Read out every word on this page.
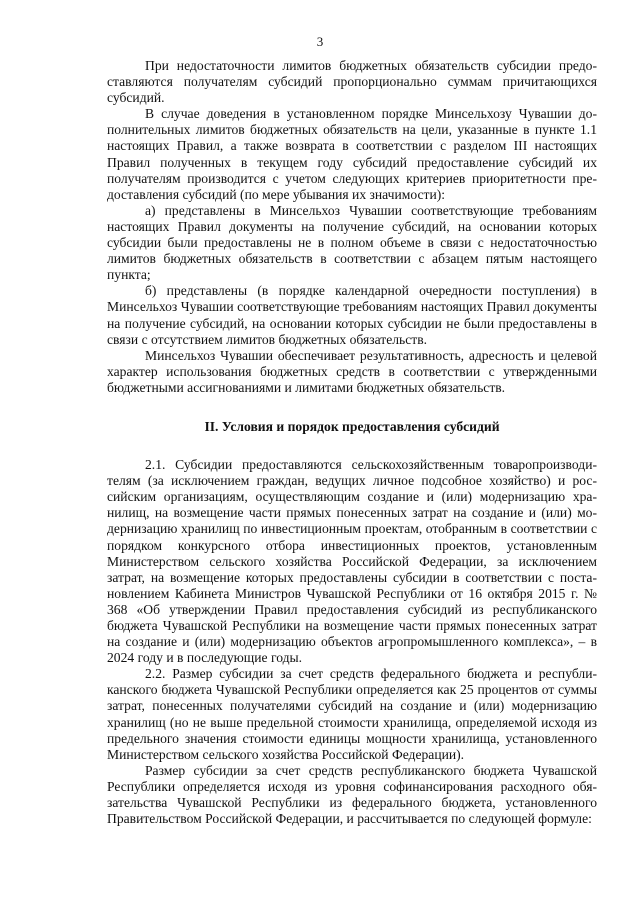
3

При недостаточности лимитов бюджетных обязательств субсидии предоставляются получателям субсидий пропорционально суммам причитающихся субсидий.

В случае доведения в установленном порядке Минсельхозу Чувашии дополнительных лимитов бюджетных обязательств на цели, указанные в пункте 1.1 настоящих Правил, а также возврата в соответствии с разделом III настоящих Правил полученных в текущем году субсидий предоставление субсидий их получателям производится с учетом следующих критериев приоритетности предоставления субсидий (по мере убывания их значимости):

а) представлены в Минсельхоз Чувашии соответствующие требованиям настоящих Правил документы на получение субсидий, на основании которых субсидии были предоставлены не в полном объеме в связи с недостаточностью лимитов бюджетных обязательств в соответствии с абзацем пятым настоящего пункта;

б) представлены (в порядке календарной очередности поступления) в Минсельхоз Чувашии соответствующие требованиям настоящих Правил документы на получение субсидий, на основании которых субсидии не были предоставлены в связи с отсутствием лимитов бюджетных обязательств.

Минсельхоз Чувашии обеспечивает результативность, адресность и целевой характер использования бюджетных средств в соответствии с утвержденными бюджетными ассигнованиями и лимитами бюджетных обязательств.

II. Условия и порядок предоставления субсидий

2.1. Субсидии предоставляются сельскохозяйственным товаропроизводителям (за исключением граждан, ведущих личное подсобное хозяйство) и российским организациям, осуществляющим создание и (или) модернизацию хранилищ, на возмещение части прямых понесенных затрат на создание и (или) модернизацию хранилищ по инвестиционным проектам, отобранным в соответствии с порядком конкурсного отбора инвестиционных проектов, установленным Министерством сельского хозяйства Российской Федерации, за исключением затрат, на возмещение которых предоставлены субсидии в соответствии с постановлением Кабинета Министров Чувашской Республики от 16 октября 2015 г. № 368 «Об утверждении Правил предоставления субсидий из республиканского бюджета Чувашской Республики на возмещение части прямых понесенных затрат на создание и (или) модернизацию объектов агропромышленного комплекса», – в 2024 году и в последующие годы.

2.2. Размер субсидии за счет средств федерального бюджета и республиканского бюджета Чувашской Республики определяется как 25 процентов от суммы затрат, понесенных получателями субсидий на создание и (или) модернизацию хранилищ (но не выше предельной стоимости хранилища, определяемой исходя из предельного значения стоимости единицы мощности хранилища, установленного Министерством сельского хозяйства Российской Федерации).

Размер субсидии за счет средств республиканского бюджета Чувашской Республики определяется исходя из уровня софинансирования расходного обязательства Чувашской Республики из федерального бюджета, установленного Правительством Российской Федерации, и рассчитывается по следующей формуле:
